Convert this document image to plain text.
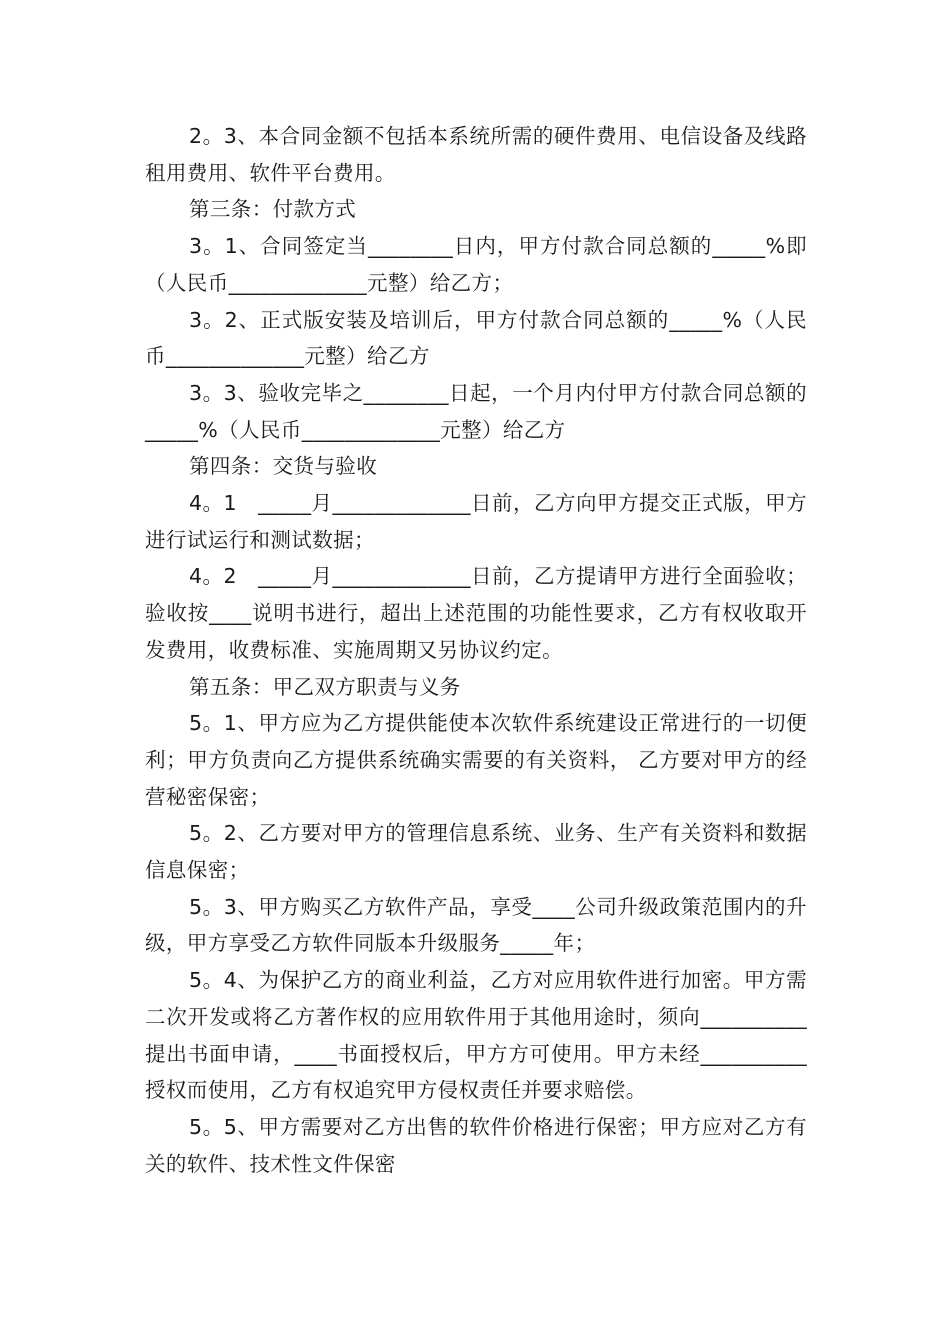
2。3、本合同金额不包括本系统所需的硬件费用、电信设备及线路租用费用、软件平台费用。

第三条：付款方式

3。1、合同签定当________日内，甲方付款合同总额的_____%即（人民币_____________元整）给乙方；

3。2、正式版安装及培训后，甲方付款合同总额的_____%（人民币_____________元整）给乙方

3。3、验收完毕之________日起，一个月内付甲方付款合同总额的_____%（人民币_____________元整）给乙方

第四条：交货与验收

4。1　_____月_____________日前，乙方向甲方提交正式版，甲方进行试运行和测试数据；

4。2　_____月_____________日前，乙方提请甲方进行全面验收；验收按____说明书进行，超出上述范围的功能性要求，乙方有权收取开发费用，收费标准、实施周期又另协议约定。

第五条：甲乙双方职责与义务

5。1、甲方应为乙方提供能使本次软件系统建设正常进行的一切便利；甲方负责向乙方提供系统确实需要的有关资料， 乙方要对甲方的经营秘密保密；

5。2、乙方要对甲方的管理信息系统、业务、生产有关资料和数据信息保密；

5。3、甲方购买乙方软件产品，享受____公司升级政策范围内的升级，甲方享受乙方软件同版本升级服务_____年；

5。4、为保护乙方的商业利益，乙方对应用软件进行加密。甲方需二次开发或将乙方著作权的应用软件用于其他用途时，须向__________提出书面申请，____书面授权后，甲方方可使用。甲方未经__________授权而使用，乙方有权追究甲方侵权责任并要求赔偿。

5。5、甲方需要对乙方出售的软件价格进行保密；甲方应对乙方有关的软件、技术性文件保密
